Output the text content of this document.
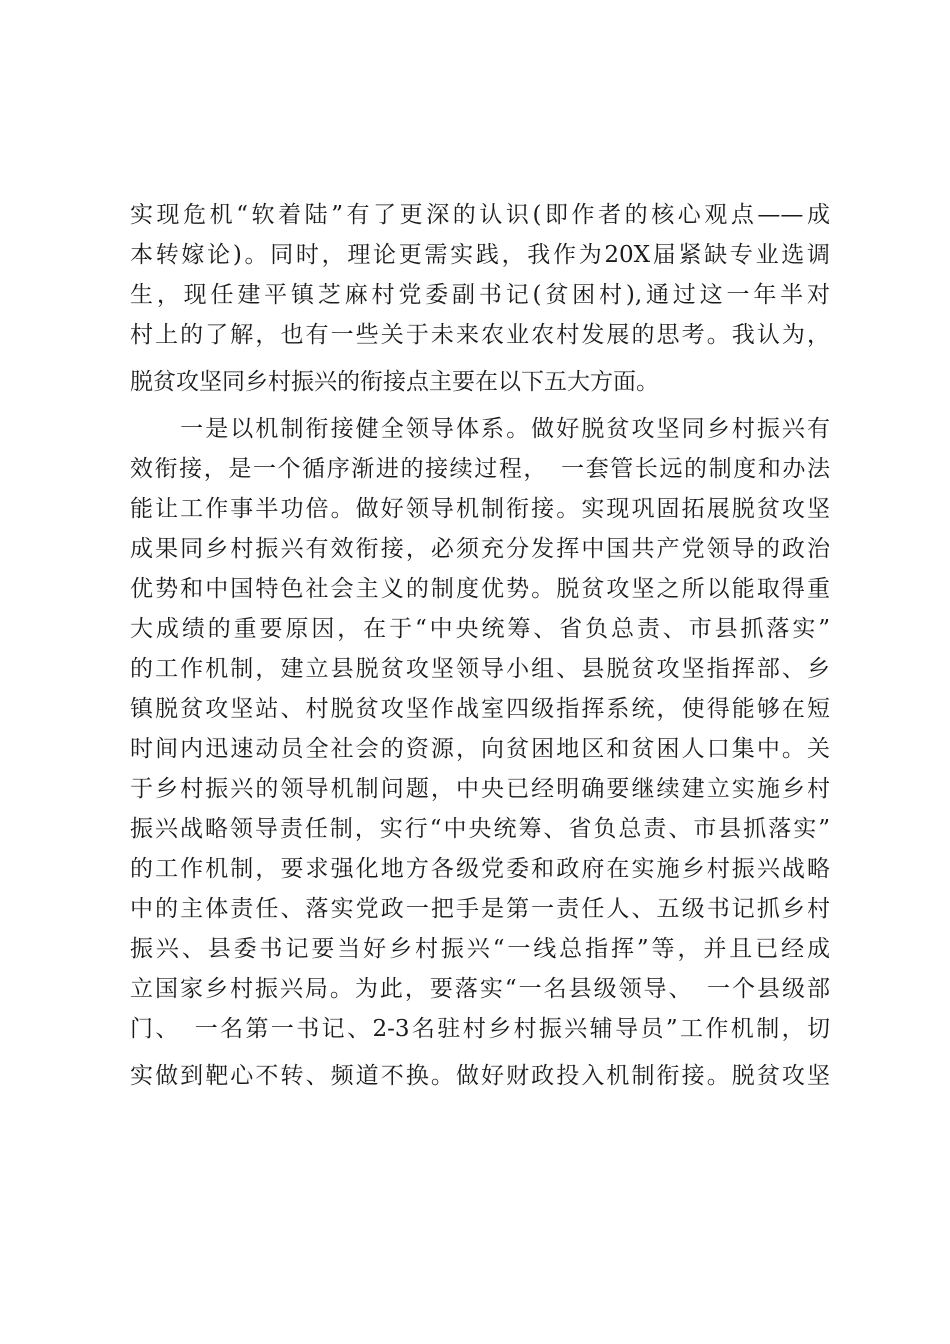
实现危机“软着陆”有了更深的认识(即作者的核心观点——成
本转嫁论)。同时，理论更需实践，我作为20X届紧缺专业选调
生，现任建平镇芝麻村党委副书记(贫困村),通过这一年半对
村上的了解，也有一些关于未来农业农村发展的思考。我认为，
脱贫攻坚同乡村振兴的衔接点主要在以下五大方面。
　　一是以机制衔接健全领导体系。做好脱贫攻坚同乡村振兴有
效衔接，是一个循序渐进的接续过程，　一套管长远的制度和办法
能让工作事半功倍。做好领导机制衔接。实现巩固拓展脱贫攻坚
成果同乡村振兴有效衔接，必须充分发挥中国共产党领导的政治
优势和中国特色社会主义的制度优势。脱贫攻坚之所以能取得重
大成绩的重要原因，在于“中央统筹、省负总责、市县抓落实”
的工作机制，建立县脱贫攻坚领导小组、县脱贫攻坚指挥部、乡
镇脱贫攻坚站、村脱贫攻坚作战室四级指挥系统，使得能够在短
时间内迅速动员全社会的资源，向贫困地区和贫困人口集中。关
于乡村振兴的领导机制问题，中央已经明确要继续建立实施乡村
振兴战略领导责任制，实行“中央统筹、省负总责、市县抓落实”
的工作机制，要求强化地方各级党委和政府在实施乡村振兴战略
中的主体责任、落实党政一把手是第一责任人、五级书记抓乡村
振兴、县委书记要当好乡村振兴“一线总指挥”等，并且已经成
立国家乡村振兴局。为此，要落实“一名县级领导、　一个县级部
门、　一名第一书记、2-3名驻村乡村振兴辅导员”工作机制，切
实做到靶心不转、频道不换。做好财政投入机制衔接。脱贫攻坚
